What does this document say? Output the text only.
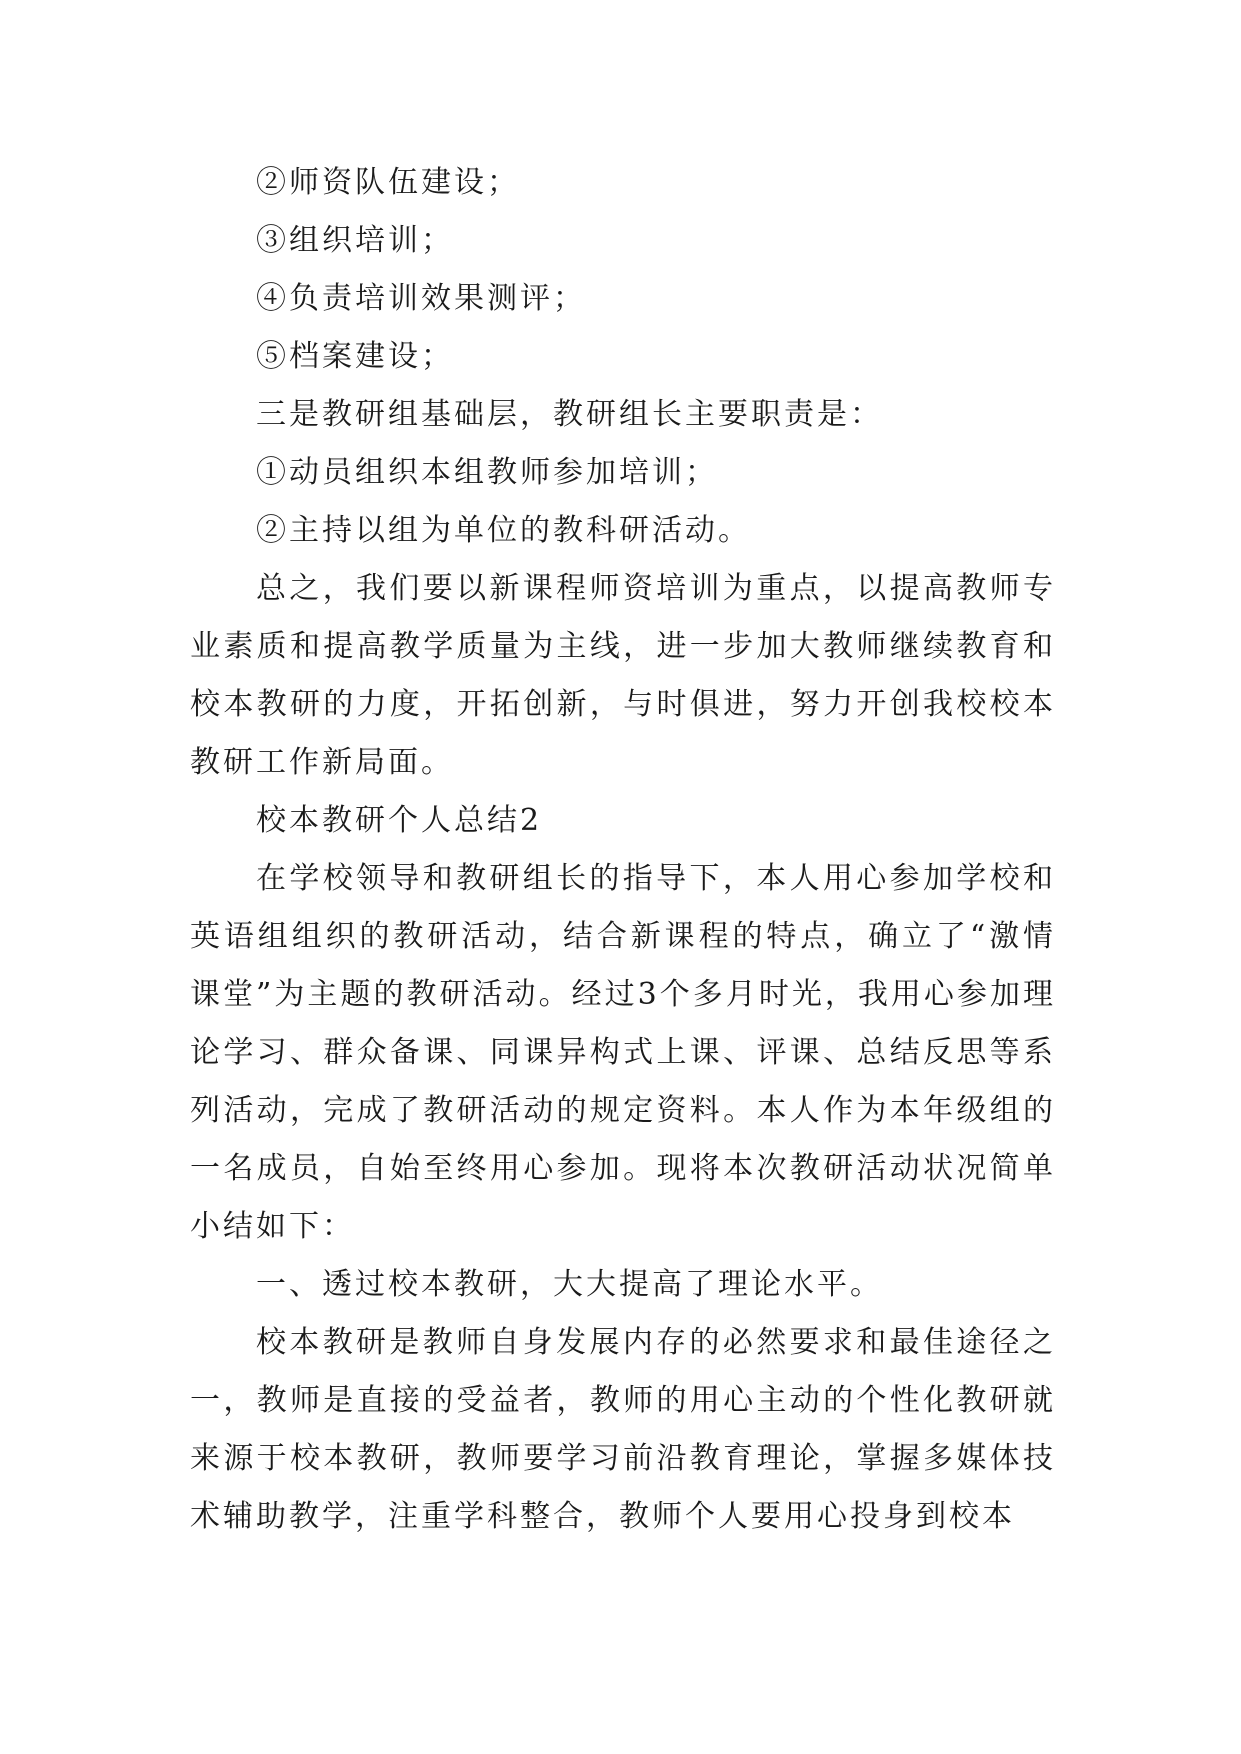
②师资队伍建设；

③组织培训；

④负责培训效果测评；

⑤档案建设；

三是教研组基础层，教研组长主要职责是：

①动员组织本组教师参加培训；

②主持以组为单位的教科研活动。

总之，我们要以新课程师资培训为重点，以提高教师专业素质和提高教学质量为主线，进一步加大教师继续教育和校本教研的力度，开拓创新，与时俱进，努力开创我校校本教研工作新局面。

校本教研个人总结2

在学校领导和教研组长的指导下，本人用心参加学校和英语组组织的教研活动，结合新课程的特点，确立了“激情课堂”为主题的教研活动。经过3个多月时光，我用心参加理论学习、群众备课、同课异构式上课、评课、总结反思等系列活动，完成了教研活动的规定资料。本人作为本年级组的一名成员，自始至终用心参加。现将本次教研活动状况简单小结如下：

一、透过校本教研，大大提高了理论水平。

校本教研是教师自身发展内存的必然要求和最佳途径之一，教师是直接的受益者，教师的用心主动的个性化教研就来源于校本教研，教师要学习前沿教育理论，掌握多媒体技术辅助教学，注重学科整合，教师个人要用心投身到校本
